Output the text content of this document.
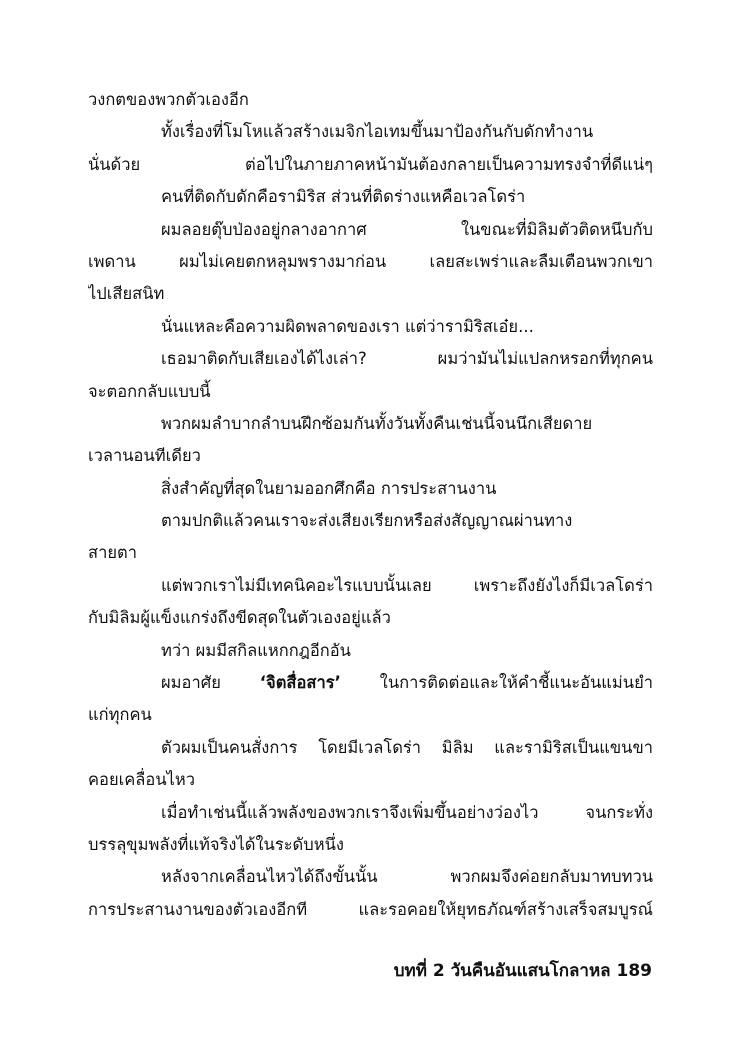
วงกตของพวกตัวเองอีก
ทั้งเรื่องที่โมโหแล้วสร้างเมจิกไอเทมขึ้นมาป้องกันกับดักทำงาน
นั่นด้วย ต่อไปในภายภาคหน้ามันต้องกลายเป็นความทรงจำที่ดีแน่ๆ
คนที่ติดกับดักคือรามิริส ส่วนที่ติดร่างแหคือเวลโดร่า
ผมลอยตุ๊บป่องอยู่กลางอากาศ ในขณะที่มิลิมตัวติดหนึบกับ
เพดาน ผมไม่เคยตกหลุมพรางมาก่อน เลยสะเพร่าและลืมเตือนพวกเขา
ไปเสียสนิท
นั่นแหละคือความผิดพลาดของเรา แต่ว่ารามิริสเอ๋ย...
เธอมาติดกับเสียเองได้ไงเล่า? ผมว่ามันไม่แปลกหรอกที่ทุกคน
จะตอกกลับแบบนี้
พวกผมลำบากลำบนฝึกซ้อมกันทั้งวันทั้งคืนเช่นนี้จนนึกเสียดาย
เวลานอนทีเดียว
สิ่งสำคัญที่สุดในยามออกศึกคือ การประสานงาน
ตามปกติแล้วคนเราจะส่งเสียงเรียกหรือส่งสัญญาณผ่านทาง
สายตา
แต่พวกเราไม่มีเทคนิคอะไรแบบนั้นเลย เพราะถึงยังไงก็มีเวลโดร่า
กับมิลิมผู้แข็งแกร่งถึงขีดสุดในตัวเองอยู่แล้ว
ทว่า ผมมีสกิลแหกกฎอีกอัน
ผมอาศัย ‘จิตสื่อสาร’ ในการติดต่อและให้คำชี้แนะอันแม่นยำ
แก่ทุกคน
ตัวผมเป็นคนสั่งการ โดยมีเวลโดร่า มิลิม และรามิริสเป็นแขนขา
คอยเคลื่อนไหว
เมื่อทำเช่นนี้แล้วพลังของพวกเราจึงเพิ่มขึ้นอย่างว่องไว จนกระทั่ง
บรรลุขุมพลังที่แท้จริงได้ในระดับหนึ่ง
หลังจากเคลื่อนไหวได้ถึงขั้นนั้น พวกผมจึงค่อยกลับมาทบทวน
การประสานงานของตัวเองอีกที และรอคอยให้ยุทธภัณฑ์สร้างเสร็จสมบูรณ์
บทที่ 2 วันคืนอันแสนโกลาหล 189
